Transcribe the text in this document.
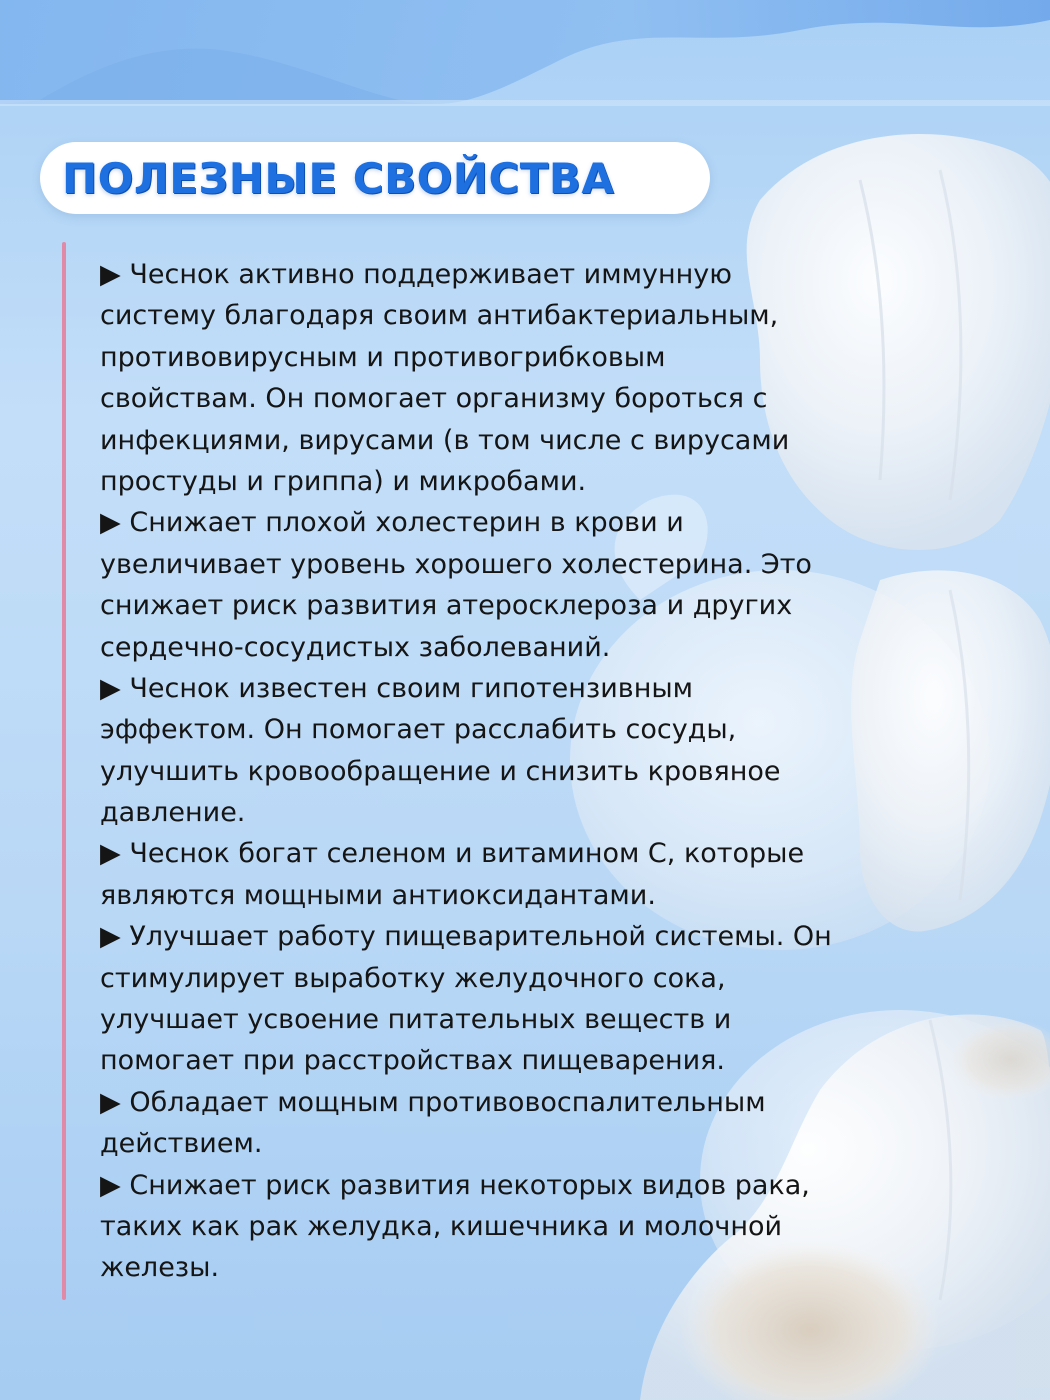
ПОЛЕЗНЫЕ СВОЙСТВА
▶ Чеснок активно поддерживает иммунную
систему благодаря своим антибактериальным,
противовирусным и противогрибковым
свойствам. Он помогает организму бороться с
инфекциями, вирусами (в том числе с вирусами
простуды и гриппа) и микробами.
▶ Снижает плохой холестерин в крови и
увеличивает уровень хорошего холестерина. Это
снижает риск развития атеросклероза и других
сердечно-сосудистых заболеваний.
▶ Чеснок известен своим гипотензивным
эффектом. Он помогает расслабить сосуды,
улучшить кровообращение и снизить кровяное
давление.
▶ Чеснок богат селеном и витамином С, которые
являются мощными антиоксидантами.
▶ Улучшает работу пищеварительной системы. Он
стимулирует выработку желудочного сока,
улучшает усвоение питательных веществ и
помогает при расстройствах пищеварения.
▶ Обладает мощным противовоспалительным
действием.
▶ Снижает риск развития некоторых видов рака,
таких как рак желудка, кишечника и молочной
железы.
